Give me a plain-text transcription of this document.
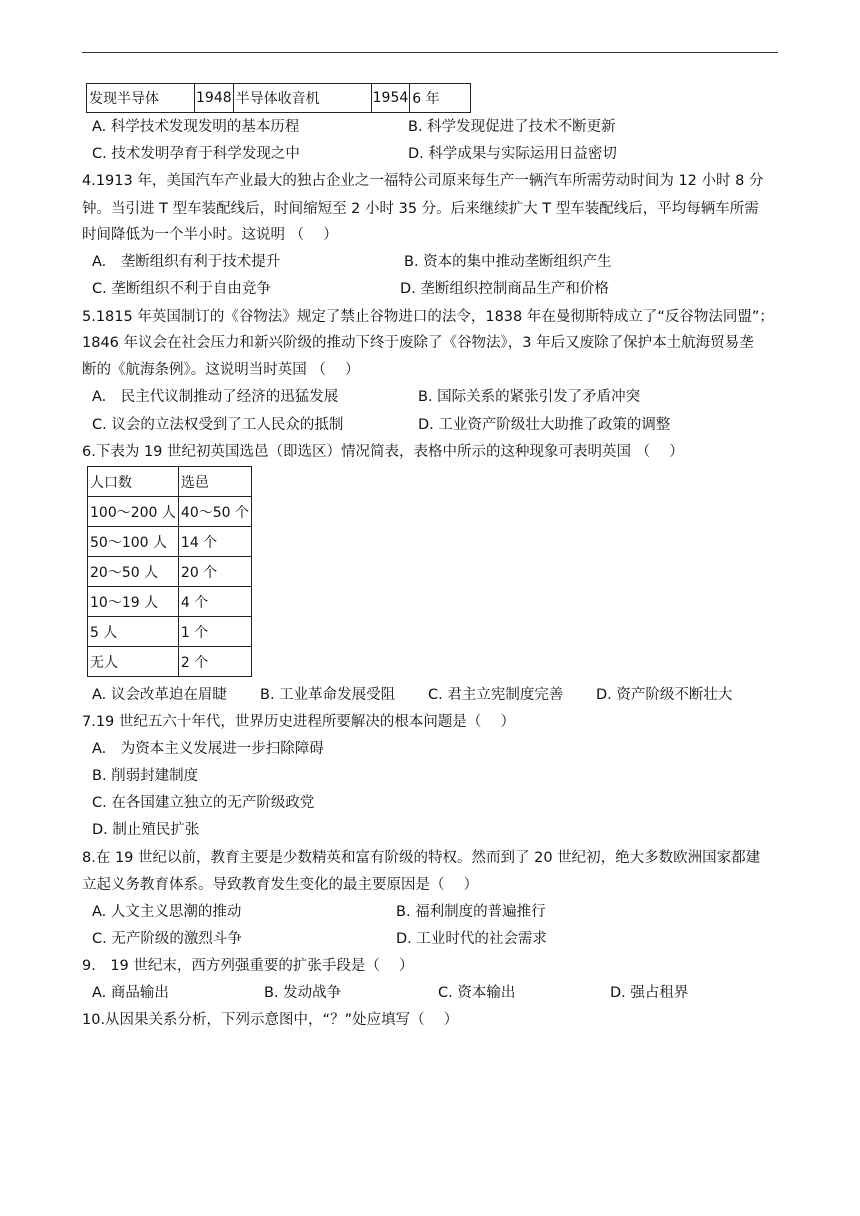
发现半导体	1948	半导体收音机	1954	6 年
A. 科学技术发现发明的基本历程	B. 科学发现促进了技术不断更新
C. 技术发明孕育于科学发现之中	D. 科学成果与实际运用日益密切
4.1913 年，美国汽车产业最大的独占企业之一福特公司原来每生产一辆汽车所需劳动时间为 12 小时 8 分
钟。当引进 T 型车装配线后，时间缩短至 2 小时 35 分。后来继续扩大 T 型车装配线后，平均每辆车所需
时间降低为一个半小时。这说明 （　 ）
A.　垄断组织有利于技术提升	B. 资本的集中推动垄断组织产生
C. 垄断组织不利于自由竞争	D. 垄断组织控制商品生产和价格
5.1815 年英国制订的《谷物法》规定了禁止谷物进口的法令，1838 年在曼彻斯特成立了“反谷物法同盟”；
1846 年议会在社会压力和新兴阶级的推动下终于废除了《谷物法》，3 年后又废除了保护本土航海贸易垄
断的《航海条例》。这说明当时英国 （　 ）
A.　民主代议制推动了经济的迅猛发展	B. 国际关系的紧张引发了矛盾冲突
C. 议会的立法权受到了工人民众的抵制	D. 工业资产阶级壮大助推了政策的调整
6.下表为 19 世纪初英国选邑（即选区）情况简表，表格中所示的这种现象可表明英国 （　 ）
人口数	选邑
100～200 人	40～50 个
50～100 人	14 个
20～50 人	20 个
10～19 人	4 个
5 人	1 个
无人	2 个
A. 议会改革迫在眉睫 B. 工业革命发展受阻 C. 君主立宪制度完善 D. 资产阶级不断壮大
7.19 世纪五六十年代，世界历史进程所要解决的根本问题是（　 ）
A.　为资本主义发展进一步扫除障碍
B. 削弱封建制度
C. 在各国建立独立的无产阶级政党
D. 制止殖民扩张
8.在 19 世纪以前，教育主要是少数精英和富有阶级的特权。然而到了 20 世纪初，绝大多数欧洲国家都建
立起义务教育体系。导致教育发生变化的最主要原因是（　 ）
A. 人文主义思潮的推动	B. 福利制度的普遍推行
C. 无产阶级的激烈斗争	D. 工业时代的社会需求
9.　19 世纪末，西方列强重要的扩张手段是（　 ）
A. 商品输出	B. 发动战争	C. 资本输出	D. 强占租界
10.从因果关系分析，下列示意图中，“？”处应填写（　 ）
